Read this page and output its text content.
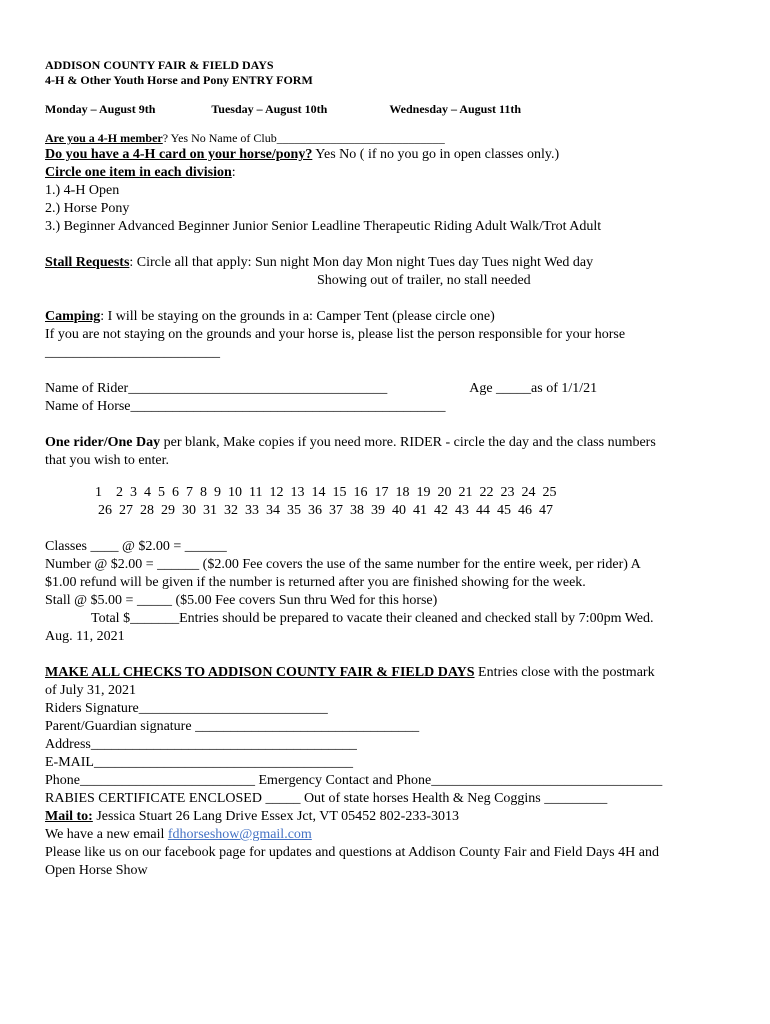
ADDISON COUNTY FAIR & FIELD DAYS
4-H & Other Youth Horse and Pony ENTRY FORM
Monday – August 9th	Tuesday – August 10th	Wednesday – August 11th
Are you a 4-H member? Yes No Name of Club____________________________
Do you have a 4-H card on your horse/pony? Yes No ( if no you go in open classes only.)
Circle one item in each division:
1.) 4-H Open
2.) Horse Pony
3.) Beginner Advanced Beginner Junior Senior Leadline Therapeutic Riding Adult Walk/Trot Adult
Stall Requests: Circle all that apply: Sun night Mon day Mon night Tues day Tues night Wed day
Showing out of trailer, no stall needed
Camping: I will be staying on the grounds in a: Camper Tent (please circle one)
If you are not staying on the grounds and your horse is, please list the person responsible for your horse
_________________________
Name of Rider_____________________________________	Age _____as of 1/1/21
Name of Horse_____________________________________________
One rider/One Day per blank, Make copies if you need more. RIDER - circle the day and the class numbers
that you wish to enter.
1    2  3  4  5  6  7  8  9  10  11  12  13  14  15  16  17  18  19  20  21  22  23  24  25
26  27  28  29  30  31  32  33  34  35  36  37  38  39  40  41  42  43  44  45  46  47
Classes ____ @ $2.00 = ______
Number @ $2.00 = ______ ($2.00 Fee covers the use of the same number for the entire week, per rider) A
$1.00 refund will be given if the number is returned after you are finished showing for the week.
Stall @ $5.00 = _____ ($5.00 Fee covers Sun thru Wed for this horse)
Total $_______Entries should be prepared to vacate their cleaned and checked stall by 7:00pm Wed.
Aug. 11, 2021
MAKE ALL CHECKS TO ADDISON COUNTY FAIR & FIELD DAYS Entries close with the postmark
of July 31, 2021
Riders Signature___________________________
Parent/Guardian signature ________________________________
Address______________________________________
E-MAIL_____________________________________
Phone_________________________ Emergency Contact and Phone_________________________________
RABIES CERTIFICATE ENCLOSED _____ Out of state horses Health & Neg Coggins _________
Mail to: Jessica Stuart 26 Lang Drive Essex Jct, VT 05452 802-233-3013
We have a new email fdhorseshow@gmail.com
Please like us on our facebook page for updates and questions at Addison County Fair and Field Days 4H and
Open Horse Show
